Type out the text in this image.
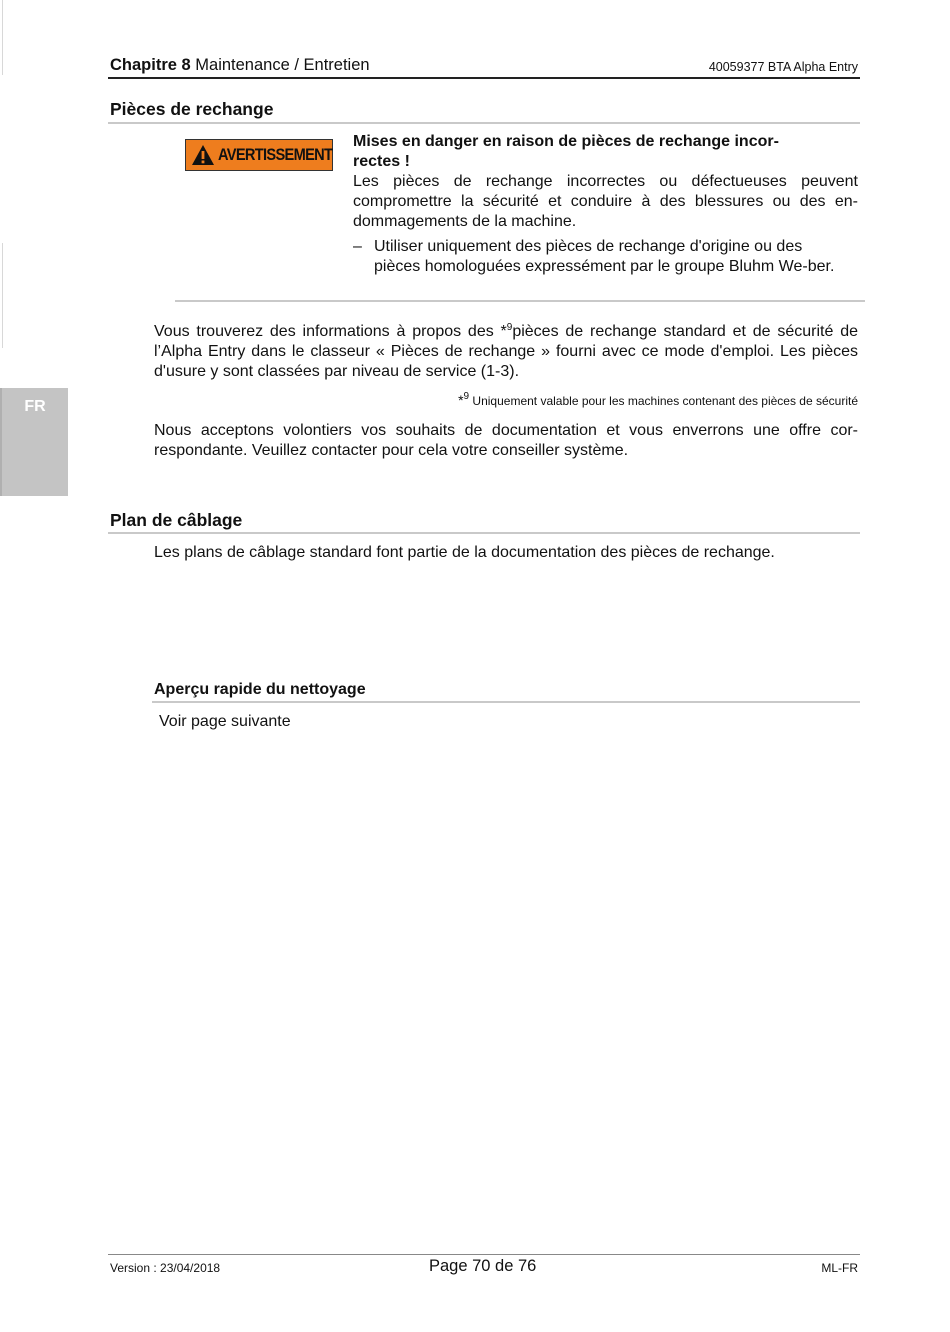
Chapitre 8 Maintenance / Entretien	40059377 BTA Alpha Entry
FR
Pièces de rechange
AVERTISSEMENT
Mises en danger en raison de pièces de rechange incor-rectes !
Les pièces de rechange incorrectes ou défectueuses peuvent compromettre la sécurité et conduire à des blessures ou des en-dommagements de la machine.
– Utiliser uniquement des pièces de rechange d'origine ou des pièces homologuées expressément par le groupe Bluhm We-ber.
Vous trouverez des informations à propos des *$^9$pièces de rechange standard et de sécurité de l’Alpha Entry dans le classeur « Pièces de rechange » fourni avec ce mode d'emploi. Les pièces d'usure y sont classées par niveau de service (1-3).
*$^9$ Uniquement valable pour les machines contenant des pièces de sécurité
Nous acceptons volontiers vos souhaits de documentation et vous enverrons une offre cor-respondante. Veuillez contacter pour cela votre conseiller système.
Plan de câblage
Les plans de câblage standard font partie de la documentation des pièces de rechange.
Aperçu rapide du nettoyage
Voir page suivante
Version : 23/04/2018	Page 70 de 76	ML-FR
